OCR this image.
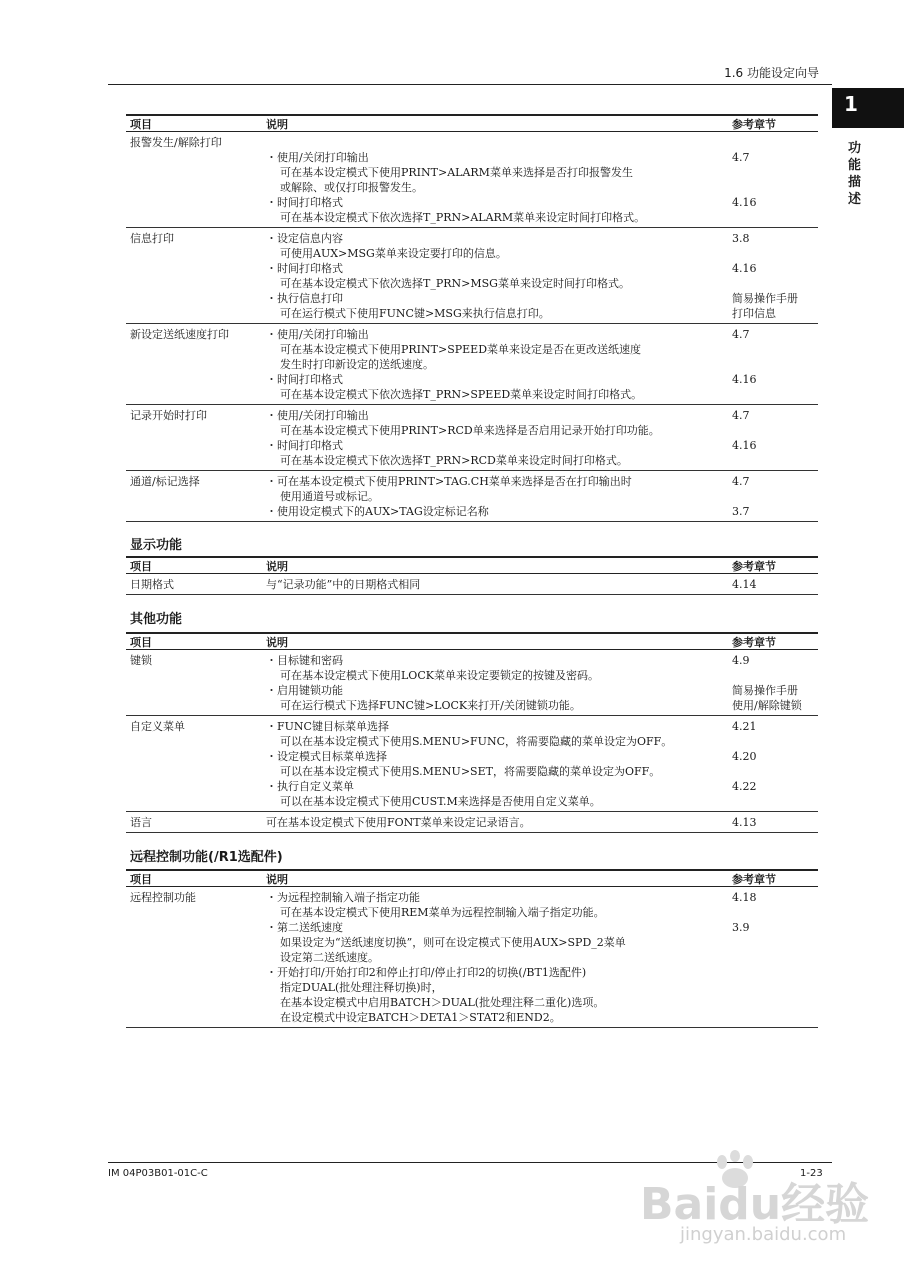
1.6 功能设定向导
1
功能描述
项目	说明	参考章节
报警发生/解除打印
・使用/关闭打印输出	4.7
可在基本设定模式下使用PRINT>ALARM菜单来选择是否打印报警发生
或解除、或仅打印报警发生。
・时间打印格式	4.16
可在基本设定模式下依次选择T_PRN>ALARM菜单来设定时间打印格式。
信息打印	・设定信息内容	3.8
可使用AUX>MSG菜单来设定要打印的信息。
・时间打印格式	4.16
可在基本设定模式下依次选择T_PRN>MSG菜单来设定时间打印格式。
・执行信息打印	简易操作手册
可在运行模式下使用FUNC键>MSG来执行信息打印。	打印信息
新设定送纸速度打印	・使用/关闭打印输出	4.7
可在基本设定模式下使用PRINT>SPEED菜单来设定是否在更改送纸速度
发生时打印新设定的送纸速度。
・时间打印格式	4.16
可在基本设定模式下依次选择T_PRN>SPEED菜单来设定时间打印格式。
记录开始时打印	・使用/关闭打印输出	4.7
可在基本设定模式下使用PRINT>RCD单来选择是否启用记录开始打印功能。
・时间打印格式	4.16
可在基本设定模式下依次选择T_PRN>RCD菜单来设定时间打印格式。
通道/标记选择	・可在基本设定模式下使用PRINT>TAG.CH菜单来选择是否在打印输出时	4.7
使用通道号或标记。
・使用设定模式下的AUX>TAG设定标记名称	3.7
显示功能
项目	说明	参考章节
日期格式	与“记录功能”中的日期格式相同	4.14
其他功能
项目	说明	参考章节
键锁	・目标键和密码	4.9
可在基本设定模式下使用LOCK菜单来设定要锁定的按键及密码。
・启用键锁功能	简易操作手册
可在运行模式下选择FUNC键>LOCK来打开/关闭键锁功能。	使用/解除键锁
自定义菜单	・FUNC键目标菜单选择	4.21
可以在基本设定模式下使用S.MENU>FUNC，将需要隐藏的菜单设定为OFF。
・设定模式目标菜单选择	4.20
可以在基本设定模式下使用S.MENU>SET，将需要隐藏的菜单设定为OFF。
・执行自定义菜单	4.22
可以在基本设定模式下使用CUST.M来选择是否使用自定义菜单。
语言	可在基本设定模式下使用FONT菜单来设定记录语言。	4.13
远程控制功能(/R1选配件)
项目	说明	参考章节
远程控制功能	・为远程控制输入端子指定功能	4.18
可在基本设定模式下使用REM菜单为远程控制输入端子指定功能。
・第二送纸速度	3.9
如果设定为“送纸速度切换”，则可在设定模式下使用AUX>SPD_2菜单
设定第二送纸速度。
・开始打印/开始打印2和停止打印/停止打印2的切换(/BT1选配件)
指定DUAL(批处理注释切换)时，
在基本设定模式中启用BATCH＞DUAL(批处理注释二重化)选项。
在设定模式中设定BATCH＞DETA1＞STAT2和END2。
IM 04P03B01-01C-C	1-23
Baidu经验
jingyan.baidu.com
